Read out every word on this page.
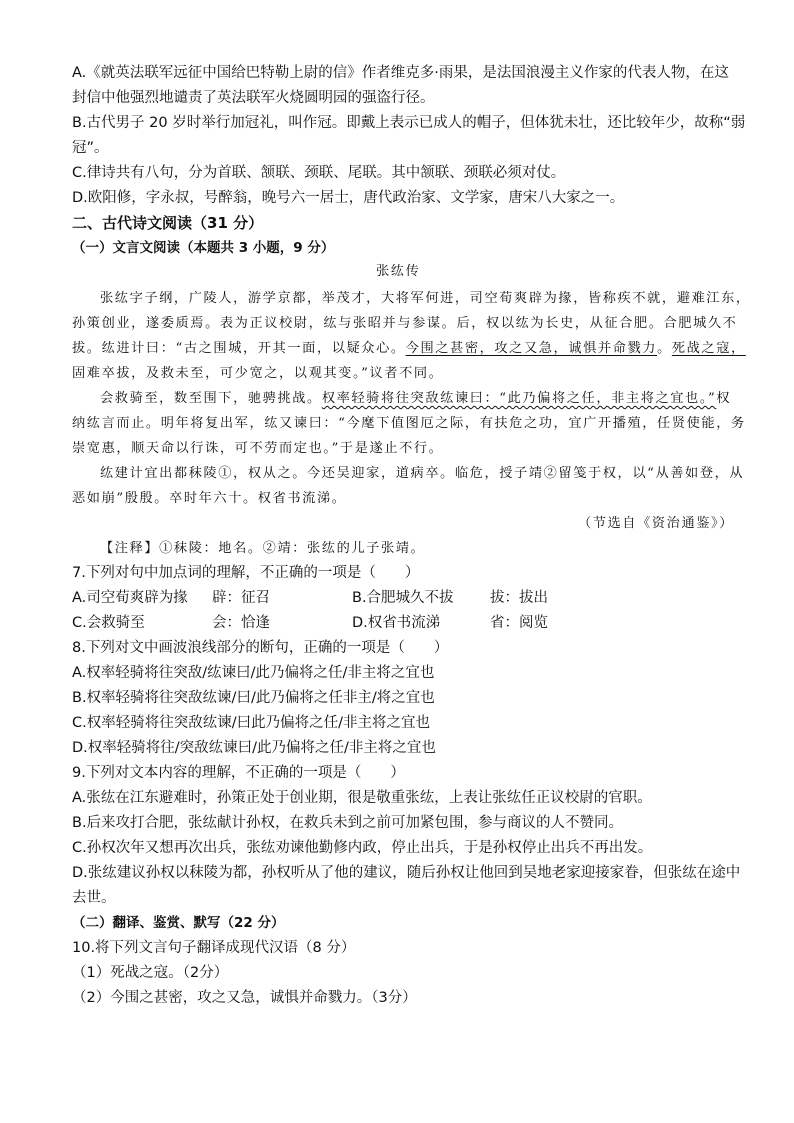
A.《就英法联军远征中国给巴特勒上尉的信》作者维克多·雨果，是法国浪漫主义作家的代表人物，在这
封信中他强烈地谴责了英法联军火烧圆明园的强盗行径。
B.古代男子 20 岁时举行加冠礼，叫作冠。即戴上表示已成人的帽子，但体犹未壮，还比较年少，故称“弱
冠”。
C.律诗共有八句，分为首联、颔联、颈联、尾联。其中颔联、颈联必须对仗。
D.欧阳修，字永叔，号醉翁，晚号六一居士，唐代政治家、文学家，唐宋八大家之一。
二、古代诗文阅读（31 分）
（一）文言文阅读（本题共 3 小题，9 分）
张纮传
张纮字子纲，广陵人，游学京都，举茂才，大将军何进，司空荀爽辟为掾，皆称疾不就，避难江东，
孙策创业，遂委质焉。表为正议校尉，纮与张昭并与参谋。后，权以纮为长史，从征合肥。合肥城久不
拔。纮进计曰：“古之围城，开其一面，以疑众心。今围之甚密，攻之又急，诚惧并命戮力。死战之寇，
固难卒拔，及救未至，可少宽之，以观其变。”议者不同。
会救骑至，数至围下，驰骋挑战。权率轻骑将往突敌纮谏曰：“此乃偏将之任，非主将之宜也。”权
纳纮言而止。明年将复出军，纮又谏曰：“今麾下值图厄之际，有扶危之功，宜广开播殖，任贤使能，务
崇宽惠，顺天命以行诛，可不劳而定也。”于是遂止不行。
纮建计宜出都秣陵①，权从之。今还吴迎家，道病卒。临危，授子靖②留笺于权，以“从善如登，从
恶如崩”殷殷。卒时年六十。权省书流涕。
（节选自《资治通鉴》）
【注释】①秣陵：地名。②靖：张纮的儿子张靖。
7.下列对句中加点词的理解，不正确的一项是（　　）
A.司空荀爽辟为掾 辟：征召	B.合肥城久不拔	拔：拔出
C.会救骑至	会：恰逢	D.权省书流涕	省：阅览
8.下列对文中画波浪线部分的断句，正确的一项是（　　）
A.权率轻骑将往突敌/纮谏曰/此乃偏将之任/非主将之宜也
B.权率轻骑将往突敌纮谏/曰/此乃偏将之任非主/将之宜也
C.权率轻骑将往突敌纮谏/曰此乃偏将之任/非主将之宜也
D.权率轻骑将往/突敌纮谏曰/此乃偏将之任/非主将之宜也
9.下列对文本内容的理解，不正确的一项是（　　）
A.张纮在江东避难时，孙策正处于创业期，很是敬重张纮，上表让张纮任正议校尉的官职。
B.后来攻打合肥，张纮献计孙权，在救兵未到之前可加紧包围，参与商议的人不赞同。
C.孙权次年又想再次出兵，张纮劝谏他勤修内政，停止出兵，于是孙权停止出兵不再出发。
D.张纮建议孙权以秣陵为都，孙权听从了他的建议，随后孙权让他回到吴地老家迎接家眷，但张纮在途中
去世。
（二）翻译、鉴赏、默写（22 分）
10.将下列文言句子翻译成现代汉语（8 分）
（1）死战之寇。（2分）
（2）今围之甚密，攻之又急，诚惧并命戮力。（3分）
